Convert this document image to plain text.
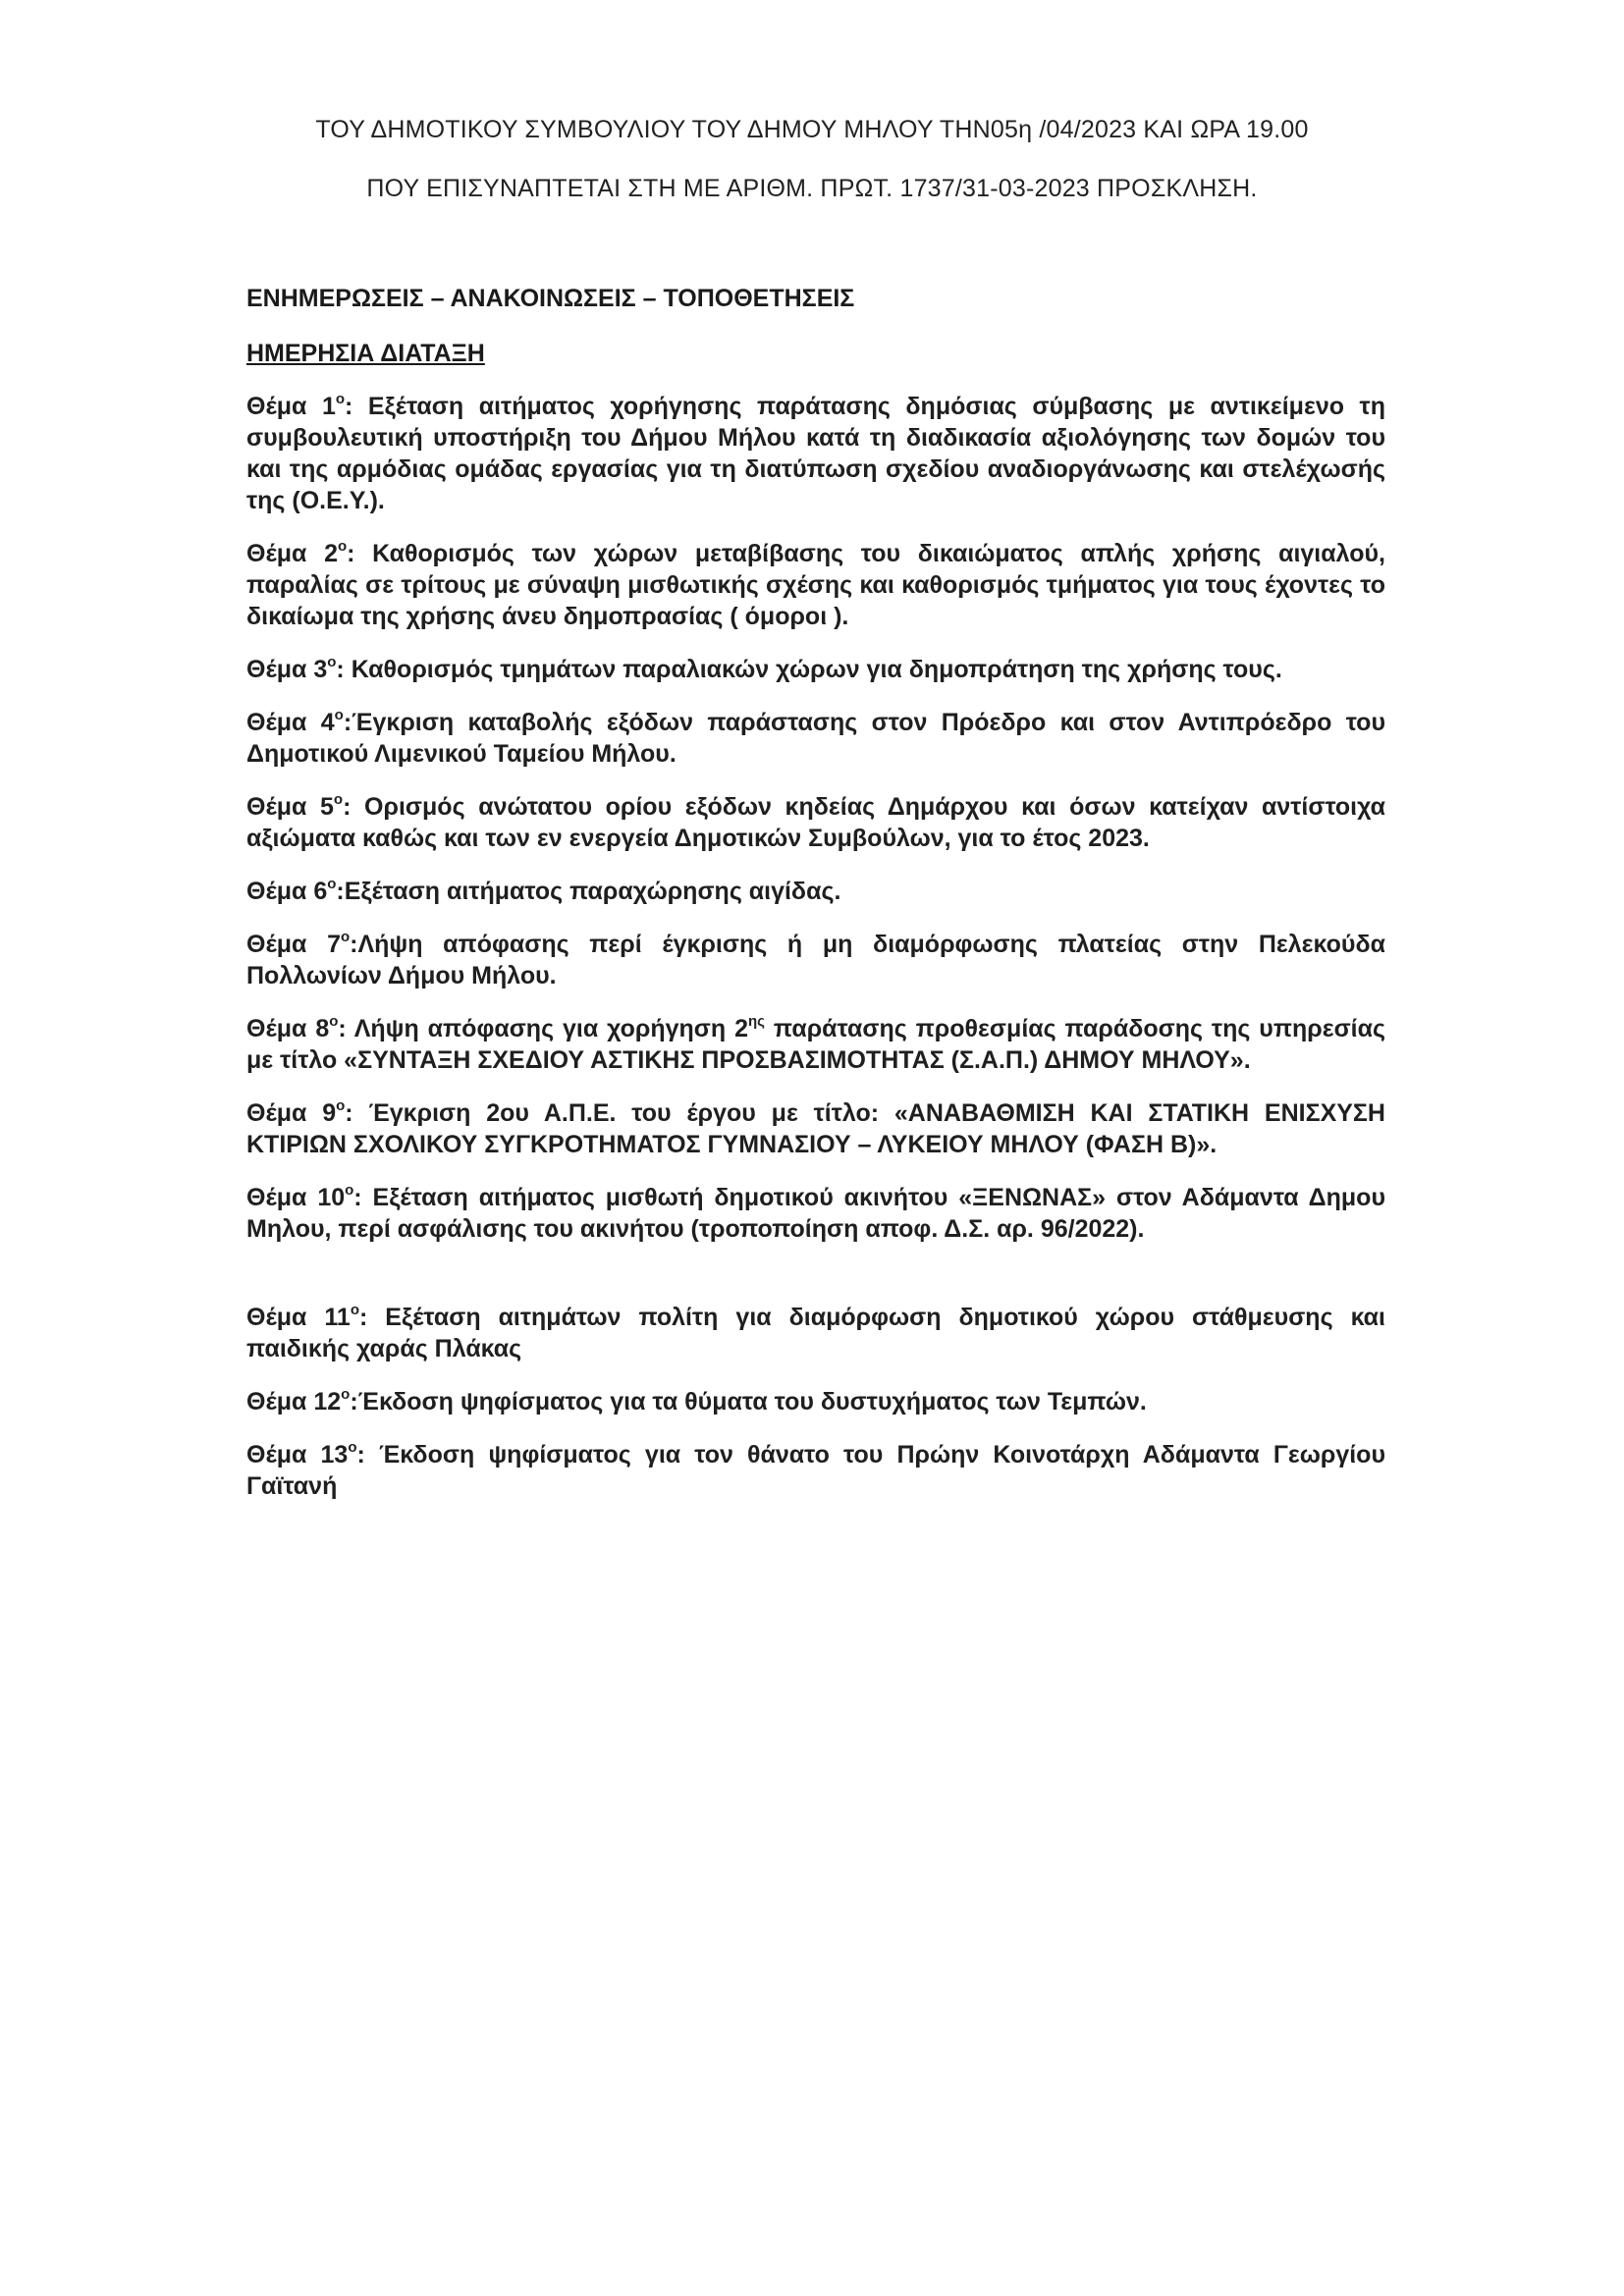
ΤΟΥ ΔΗΜΟΤΙΚΟΥ ΣΥΜΒΟΥΛΙΟΥ ΤΟΥ ΔΗΜΟΥ ΜΗΛΟΥ ΤΗΝ05η /04/2023 ΚΑΙ ΩΡΑ 19.00
ΠΟΥ ΕΠΙΣΥΝΑΠΤΕΤΑΙ ΣΤΗ ΜΕ ΑΡΙΘΜ. ΠΡΩΤ. 1737/31-03-2023 ΠΡΟΣΚΛΗΣΗ.

ΕΝΗΜΕΡΩΣΕΙΣ – ΑΝΑΚΟΙΝΩΣΕΙΣ – ΤΟΠΟΘΕΤΗΣΕΙΣ

ΗΜΕΡΗΣΙΑ ΔΙΑΤΑΞΗ

Θέμα $1^o$: Εξέταση αιτήματος χορήγησης παράτασης δημόσιας σύμβασης με αντικείμενο τη συμβουλευτική υποστήριξη του Δήμου Μήλου κατά τη διαδικασία αξιολόγησης των δομών του και της αρμόδιας ομάδας εργασίας για τη διατύπωση σχεδίου αναδιοργάνωσης και στελέχωσής της (Ο.Ε.Υ.).

Θέμα $2^o$: Καθορισμός των χώρων μεταβίβασης του δικαιώματος απλής χρήσης αιγιαλού, παραλίας σε τρίτους με σύναψη μισθωτικής σχέσης και καθορισμός τμήματος για τους έχοντες το δικαίωμα της χρήσης άνευ δημοπρασίας ( όμοροι ).

Θέμα $3^o$: Καθορισμός τμημάτων παραλιακών χώρων για δημοπράτηση της χρήσης τους.

Θέμα $4^o:Έ\gamma\kappa\rho\iota\sigma\eta$ καταβολής εξόδων παράστασης στον Πρόεδρο και στον Αντιπρόεδρο του Δημοτικού Λιμενικού Ταμείου Μήλου.

Θέμα $5^o$: Ορισμός ανώτατου ορίου εξόδων κηδείας Δημάρχου και όσων κατείχαν αντίστοιχα αξιώματα καθώς και των εν ενεργεία Δημοτικών Συμβούλων, για το έτος 2023.

Θέμα $6^o:E\xi έ\tau\alpha\sigma\eta$ αιτήματος παραχώρησης αιγίδας.

Θέμα $7^o:\Lambda ή\psi\eta$ απόφασης περί έγκρισης ή μη διαμόρφωσης πλατείας στην Πελεκούδα Πολλωνίων Δήμου Μήλου.

Θέμα $8^o$: Λήψη απόφασης για χορήγηση $2^{\eta\varsigma}$ παράτασης προθεσμίας παράδοσης της υπηρεσίας με τίτλο «ΣΥΝΤΑΞΗ ΣΧΕΔΙΟΥ ΑΣΤΙΚΗΣ ΠΡΟΣΒΑΣΙΜΟΤΗΤΑΣ (Σ.Α.Π.) ΔΗΜΟΥ ΜΗΛΟΥ».

Θέμα $9^o$: Έγκριση 2ου Α.Π.Ε. του έργου με τίτλο: «ΑΝΑΒΑΘΜΙΣΗ ΚΑΙ ΣΤΑΤΙΚΗ ΕΝΙΣΧΥΣΗ ΚΤΙΡΙΩΝ ΣΧΟΛΙΚΟΥ ΣΥΓΚΡΟΤΗΜΑΤΟΣ ΓΥΜΝΑΣΙΟΥ – ΛΥΚΕΙΟΥ ΜΗΛΟΥ (ΦΑΣΗ Β)».

Θέμα $10^o$: Εξέταση αιτήματος μισθωτή δημοτικού ακινήτου «ΞΕΝΩΝΑΣ» στον Αδάμαντα Δημου Μηλου, περί ασφάλισης του ακινήτου (τροποποίηση αποφ. Δ.Σ. αρ. 96/2022).

Θέμα $11^o$: Εξέταση αιτημάτων πολίτη για διαμόρφωση δημοτικού χώρου στάθμευσης και παιδικής χαράς Πλάκας

Θέμα $12^o:Έ\kappa\delta o\sigma\eta$ ψηφίσματος για τα θύματα του δυστυχήματος των Τεμπών.

Θέμα $13^o$: Έκδοση ψηφίσματος για τον θάνατο του Πρώην Κοινοτάρχη Αδάμαντα Γεωργίου Γαϊτανή
